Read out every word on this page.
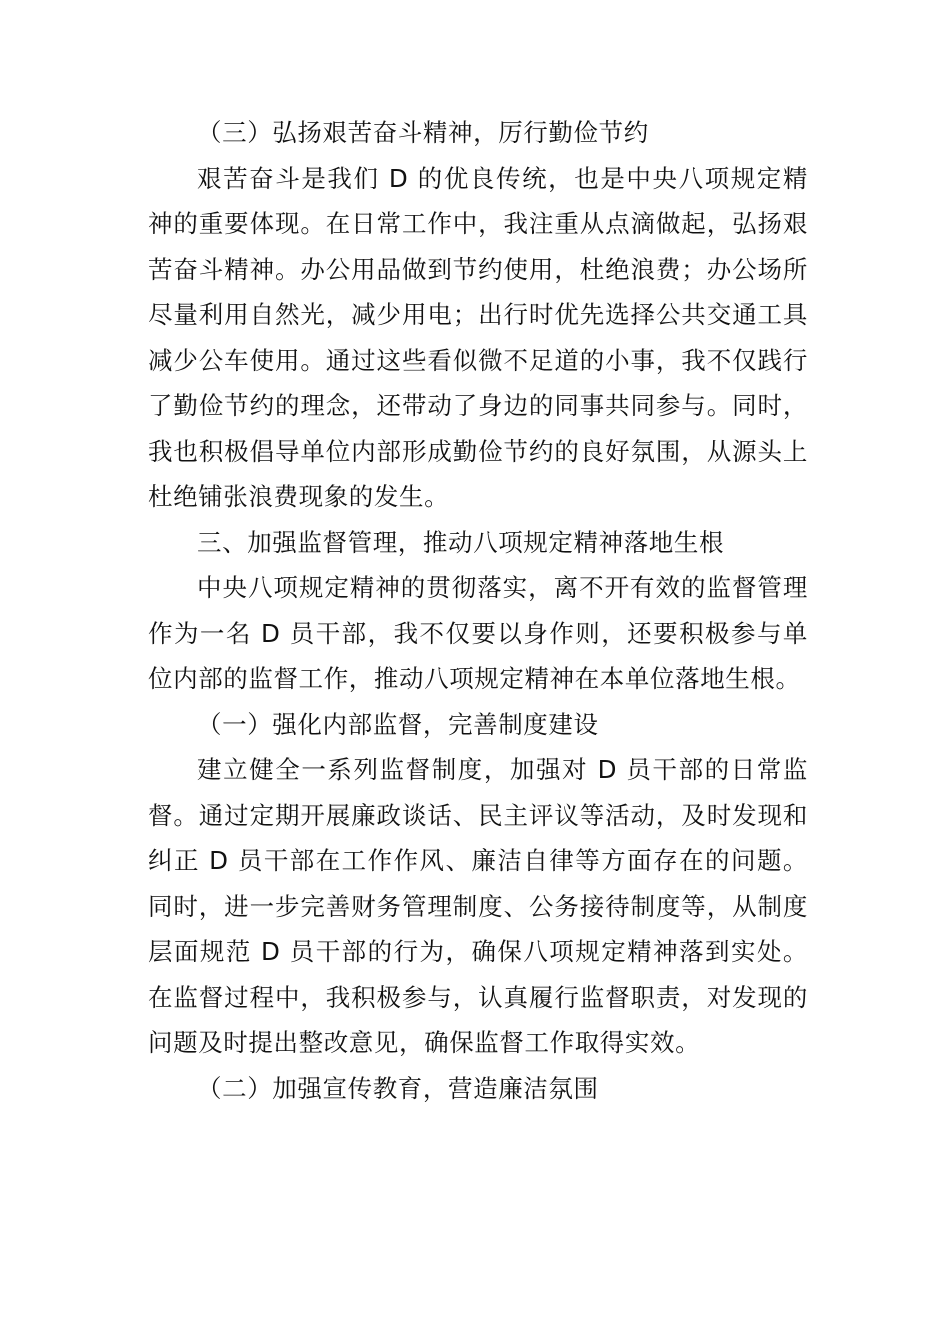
（三）弘扬艰苦奋斗精神，厉行勤俭节约
艰苦奋斗是我们 D 的优良传统，也是中央八项规定精
神的重要体现。在日常工作中，我注重从点滴做起，弘扬艰
苦奋斗精神。办公用品做到节约使用，杜绝浪费；办公场所
尽量利用自然光，减少用电；出行时优先选择公共交通工具
减少公车使用。通过这些看似微不足道的小事，我不仅践行
了勤俭节约的理念，还带动了身边的同事共同参与。同时，
我也积极倡导单位内部形成勤俭节约的良好氛围，从源头上
杜绝铺张浪费现象的发生。
三、加强监督管理，推动八项规定精神落地生根
中央八项规定精神的贯彻落实，离不开有效的监督管理
作为一名 D 员干部，我不仅要以身作则，还要积极参与单
位内部的监督工作，推动八项规定精神在本单位落地生根。
（一）强化内部监督，完善制度建设
建立健全一系列监督制度，加强对 D 员干部的日常监
督。通过定期开展廉政谈话、民主评议等活动，及时发现和
纠正 D 员干部在工作作风、廉洁自律等方面存在的问题。
同时，进一步完善财务管理制度、公务接待制度等，从制度
层面规范 D 员干部的行为，确保八项规定精神落到实处。
在监督过程中，我积极参与，认真履行监督职责，对发现的
问题及时提出整改意见，确保监督工作取得实效。
（二）加强宣传教育，营造廉洁氛围
